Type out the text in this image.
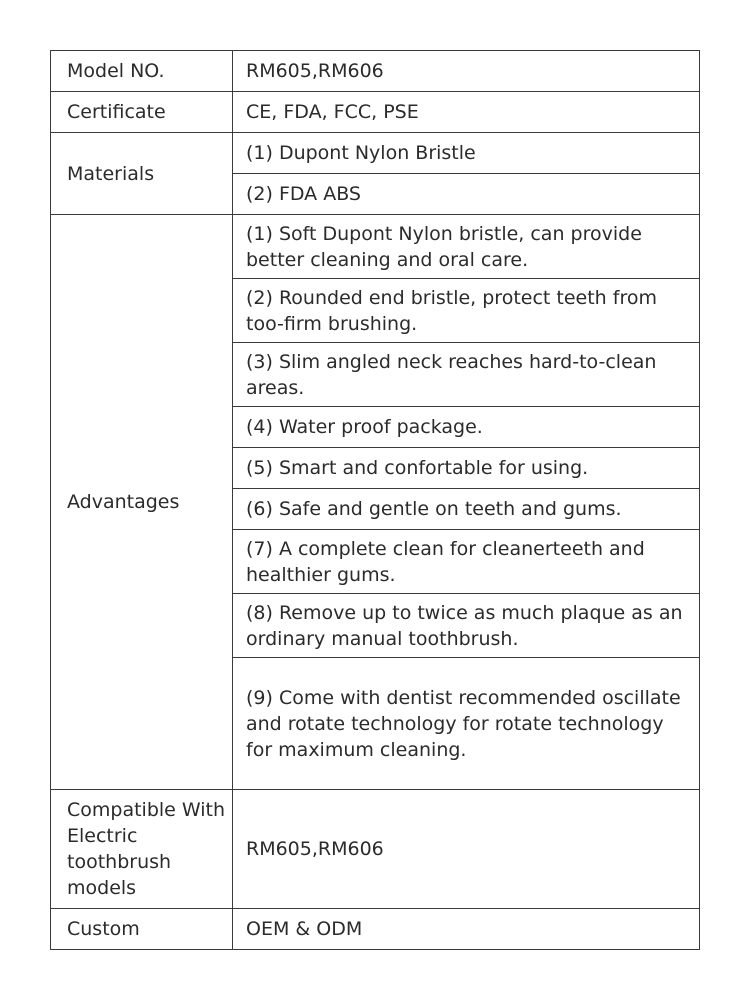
Model NO.	RM605,RM606
Certificate	CE, FDA, FCC, PSE
Materials	(1) Dupont Nylon Bristle
	(2) FDA ABS
Advantages	(1) Soft Dupont Nylon bristle, can provide better cleaning and oral care.
	(2) Rounded end bristle, protect teeth from too-firm brushing.
	(3) Slim angled neck reaches hard-to-clean areas.
	(4) Water proof package.
	(5) Smart and confortable for using.
	(6) Safe and gentle on teeth and gums.
	(7) A complete clean for cleanerteeth and healthier gums.
	(8) Remove up to twice as much plaque as an ordinary manual toothbrush.
	(9) Come with dentist recommended oscillate and rotate technology for rotate technology for maximum cleaning.
Compatible With Electric toothbrush models	RM605,RM606
Custom	OEM & ODM
